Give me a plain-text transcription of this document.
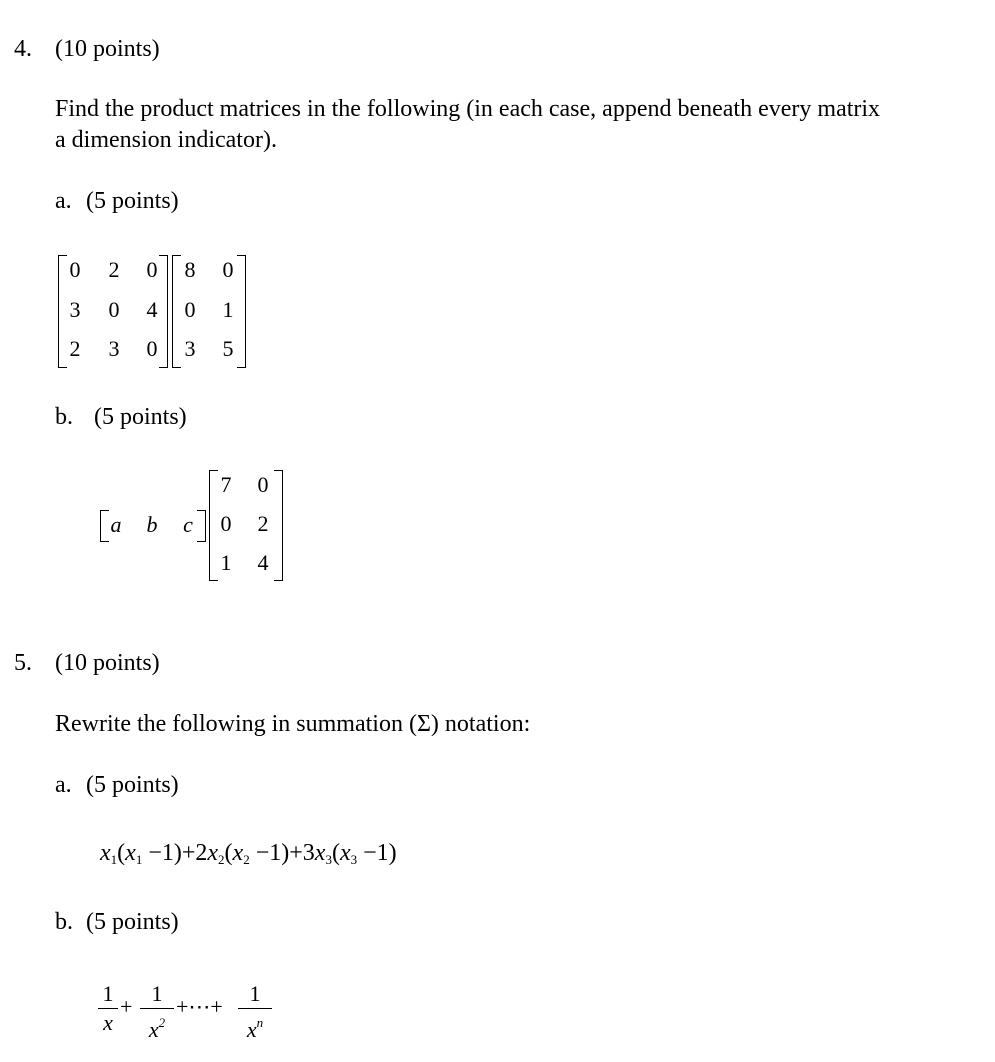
4. (10 points)
Find the product matrices in the following (in each case, append beneath every matrix
a dimension indicator).
a. (5 points)
0 2 0
3 0 4
2 3 0
8 0
0 1
3 5
b. (5 points)
a b	c
7 0
0 2
1 4
5. (10 points)
Rewrite the following in summation (Σ) notation:
a. (5 points)
$x_1(x_1 -1)+2x_2(x_2 -1)+3x_3(x_3 -1)$
b. (5 points)
1
x
+
1
$x^2$
+⋯+
1
$x^n$
